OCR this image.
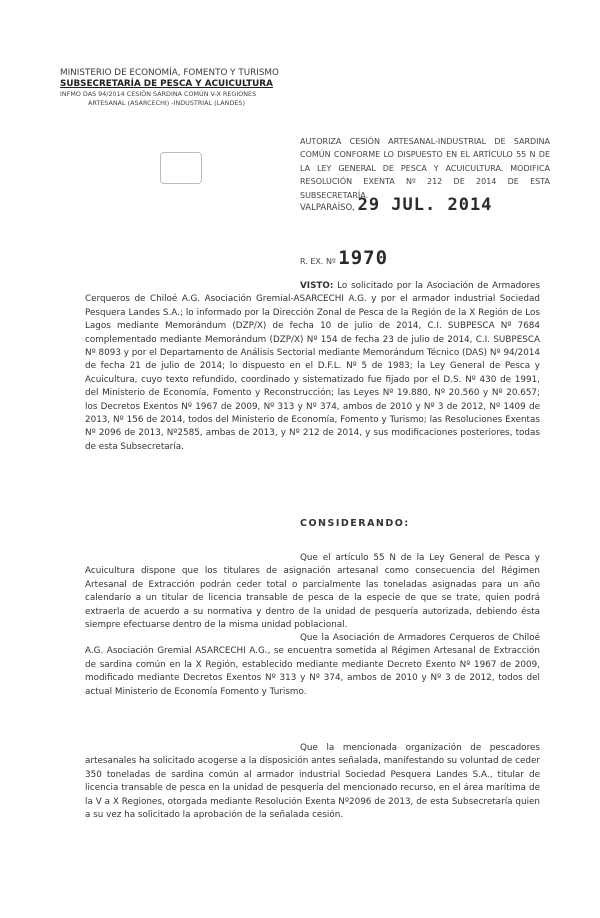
MINISTERIO DE ECONOMÍA, FOMENTO Y TURISMO
SUBSECRETARÍA DE PESCA Y ACUICULTURA
INFMO DAS 94/2014 CESIÓN SARDINA COMÚN V-X REGIONES
ARTESANAL (ASARCECHI) -INDUSTRIAL (LANDES)
AUTORIZA CESIÓN ARTESANAL-INDUSTRIAL DE SARDINA COMÚN CONFORME LO DISPUESTO EN EL ARTÍCULO 55 N DE LA LEY GENERAL DE PESCA Y ACUICULTURA. MODIFICA RESOLUCIÓN EXENTA Nº 212 DE 2014 DE ESTA SUBSECRETARÍA.
VALPARAÍSO, 29 JUL. 2014
R. EX. Nº 1970
VISTO: Lo solicitado por la Asociación de Armadores Cerqueros de Chiloé A.G. Asociación Gremial-ASARCECHI A.G. y por el armador industrial Sociedad Pesquera Landes S.A.; lo informado por la Dirección Zonal de Pesca de la Región de la X Región de Los Lagos mediante Memorándum (DZP/X) de fecha 10 de julio de 2014, C.I. SUBPESCA Nº 7684 complementado mediante Memorándum (DZP/X) Nº 154 de fecha 23 de julio de 2014, C.I. SUBPESCA Nº 8093 y por el Departamento de Análisis Sectorial mediante Memorándum Técnico (DAS) Nº 94/2014 de fecha 21 de julio de 2014; lo dispuesto en el D.F.L. Nº 5 de 1983; la Ley General de Pesca y Acuicultura, cuyo texto refundido, coordinado y sistematizado fue fijado por el D.S. Nº 430 de 1991, del Ministerio de Economía, Fomento y Reconstrucción; las Leyes Nº 19.880, Nº 20.560 y Nº 20.657; los Decretos Exentos Nº 1967 de 2009, Nº 313 y Nº 374, ambos de 2010 y Nº 3 de 2012, Nº 1409 de 2013, Nº 156 de 2014, todos del Ministerio de Economía, Fomento y Turismo; las Resoluciones Exentas Nº 2096 de 2013, Nº2585, ambas de 2013, y Nº 212 de 2014, y sus modificaciones posteriores, todas de esta Subsecretaría.
CONSIDERANDO:
Que el artículo 55 N de la Ley General de Pesca y Acuicultura dispone que los titulares de asignación artesanal como consecuencia del Régimen Artesanal de Extracción podrán ceder total o parcialmente las toneladas asignadas para un año calendario a un titular de licencia transable de pesca de la especie de que se trate, quien podrá extraerla de acuerdo a su normativa y dentro de la unidad de pesquería autorizada, debiendo ésta siempre efectuarse dentro de la misma unidad poblacional.
Que la Asociación de Armadores Cerqueros de Chiloé A.G. Asociación Gremial ASARCECHI A.G., se encuentra sometida al Régimen Artesanal de Extracción de sardina común en la X Región, establecido mediante mediante Decreto Exento Nº 1967 de 2009, modificado mediante Decretos Exentos Nº 313 y Nº 374, ambos de 2010 y Nº 3 de 2012, todos del actual Ministerio de Economía Fomento y Turismo.
Que la mencionada organización de pescadores artesanales ha solicitado acogerse a la disposición antes señalada, manifestando su voluntad de ceder 350 toneladas de sardina común al armador industrial Sociedad Pesquera Landes S.A., titular de licencia transable de pesca en la unidad de pesquería del mencionado recurso, en el área marítima de la V a X Regiones, otorgada mediante Resolución Exenta Nº2096 de 2013, de esta Subsecretaría quien a su vez ha solicitado la aprobación de la señalada cesión.
